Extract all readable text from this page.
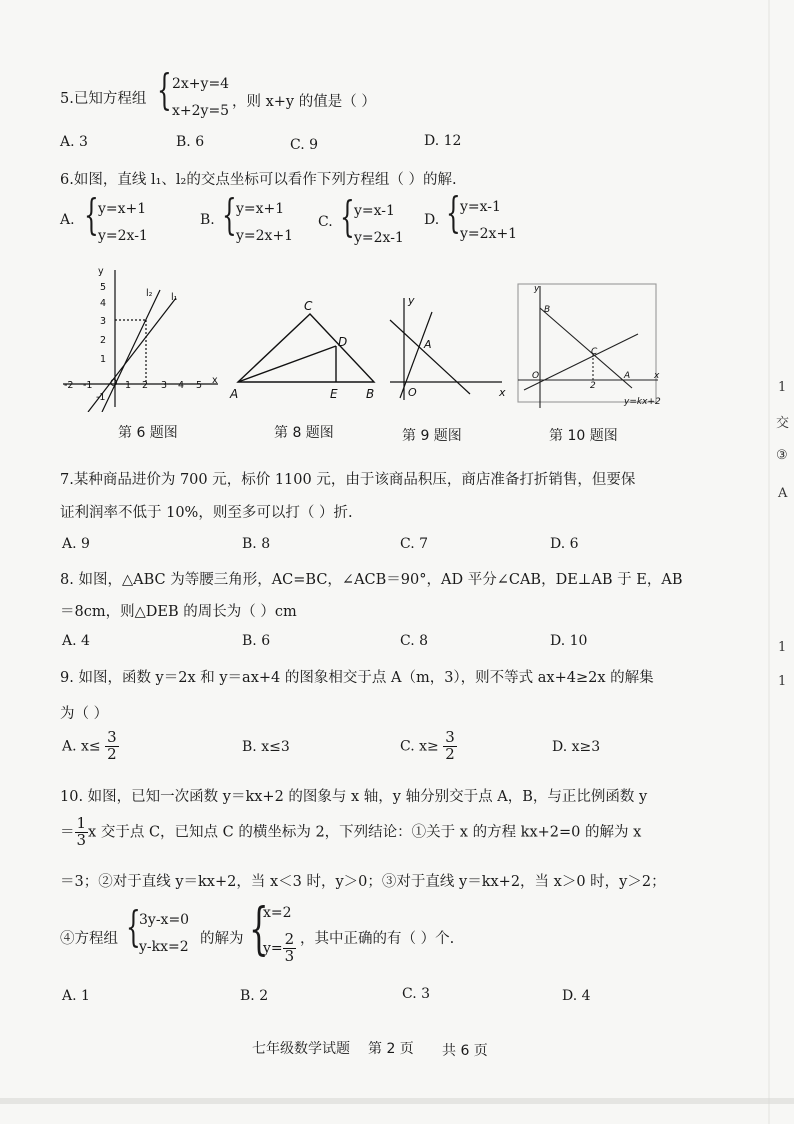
5.已知方程组 { 2x+y=4
x+2y=5
，则 x+y 的值是（ ）
A. 3	B. 6	C. 9	D. 12
6.如图，直线 l₁、l₂的交点坐标可以看作下列方程组（ ）的解.
A. { y=x+1
y=2x-1
B. { y=x+1
y=2x+1
C. { y=x-1
y=2x-1
D. { y=x-1
y=2x+1
y
x
l₂ l₁
O
5
4
3
2
1
-1
-2 -1	1 2 3 4 5
第 6 题图
C
D
A	E B
第 8 题图
y
x
A
O
第 9 题图
y
x
B
C
O	A
2
y=kx+2
第 10 题图
7.某种商品进价为 700 元，标价 1100 元，由于该商品积压，商店准备打折销售，但要保
证利润率不低于 10%，则至多可以打（ ）折.
A. 9	B. 8	C. 7	D. 6
8. 如图，△ABC 为等腰三角形，AC=BC，∠ACB＝90°，AD 平分∠CAB，DE⊥AB 于 E，AB
＝8cm，则△DEB 的周长为（ ）cm
A. 4	B. 6	C. 8	D. 10
9. 如图，函数 y＝2x 和 y＝ax+4 的图象相交于点 A（m，3），则不等式 ax+4≥2x 的解集
为（ ）
A. $x\le \frac{3}{2}$	B. x≤3	C. $x\ge \frac{3}{2}$	D. x≥3
10. 如图，已知一次函数 y＝kx+2 的图象与 x 轴，y 轴分别交于点 A，B，与正比例函数 y
＝ $\frac{1}{3}$ x 交于点 C，已知点 C 的横坐标为 2，下列结论：①关于 x 的方程 kx+2=0 的解为 x
＝3；②对于直线 y＝kx+2，当 x＜3 时，y＞0；③对于直线 y＝kx+2，当 x＞0 时，y＞2；
④方程组 {
3y-x=0
y-kx=2 的解为 {
x=2
$y= \frac{2}{3}$ ，其中正确的有（ ）个.
A. 1	B. 2	C. 3	D. 4
七年级数学试题 第 2 页 共 6 页
1
交
③
A
1
1
